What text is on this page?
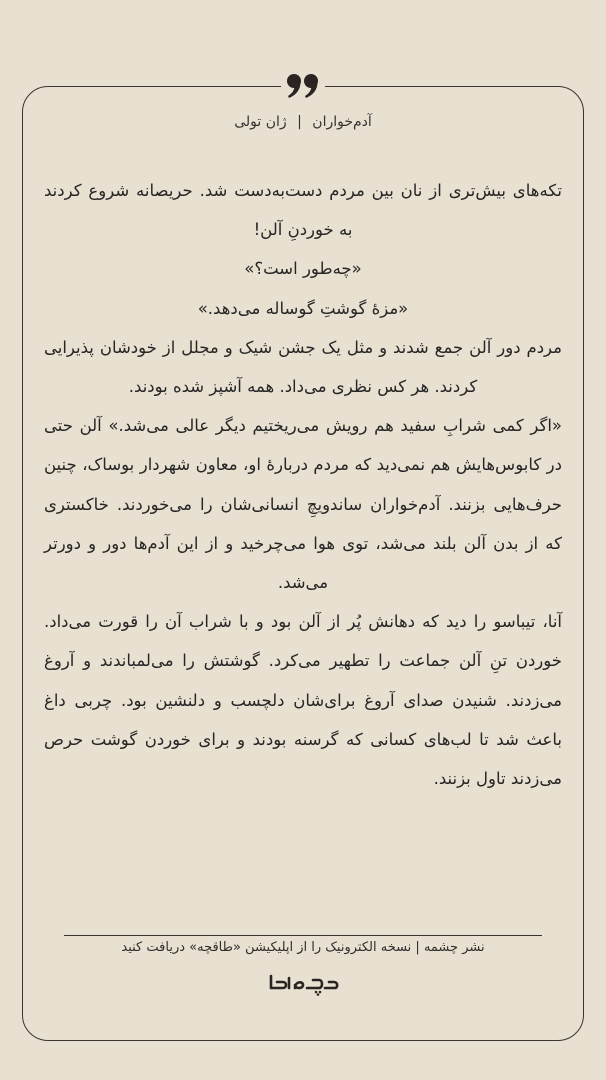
آدم‌خواران | ژان تولی

تکه‌های بیش‌تری از نان بین مردم دست‌به‌دست شد. حریصانه شروع کردند به خوردنِ آلن!

«چه‌طور است؟»

«مزهٔ گوشتِ گوساله می‌دهد.»

مردم دور آلن جمع شدند و مثل یک جشن شیک و مجلل از خودشان پذیرایی کردند. هر کس نظری می‌داد. همه آشپز شده بودند.

«اگر کمی شرابِ سفید هم رویش می‌ریختیم دیگر عالی می‌شد.» آلن حتی در کابوس‌هایش هم نمی‌دید که مردم دربارهٔ او، معاون شهردار بوساک، چنین حرف‌هایی بزنند. آدم‌خواران ساندویچِ انسانی‌شان را می‌خوردند. خاکستری که از بدن آلن بلند می‌شد، توی هوا می‌چرخید و از این آدم‌ها دور و دورتر می‌شد.

آنا، تیباسو را دید که دهانش پُر از آلن بود و با شراب آن را قورت می‌داد. خوردن تنِ آلن جماعت را تطهیر می‌کرد. گوشتش را می‌لمباندند و آروغ می‌زدند. شنیدن صدای آروغ برای‌شان دلچسب و دلنشین بود. چربی داغ باعث شد تا لب‌های کسانی که گرسنه بودند و برای خوردن گوشت حرص می‌زدند تاول بزنند.

نشر چشمه | نسخه الکترونیک را از اپلیکیشن «طاقچه» دریافت کنید
